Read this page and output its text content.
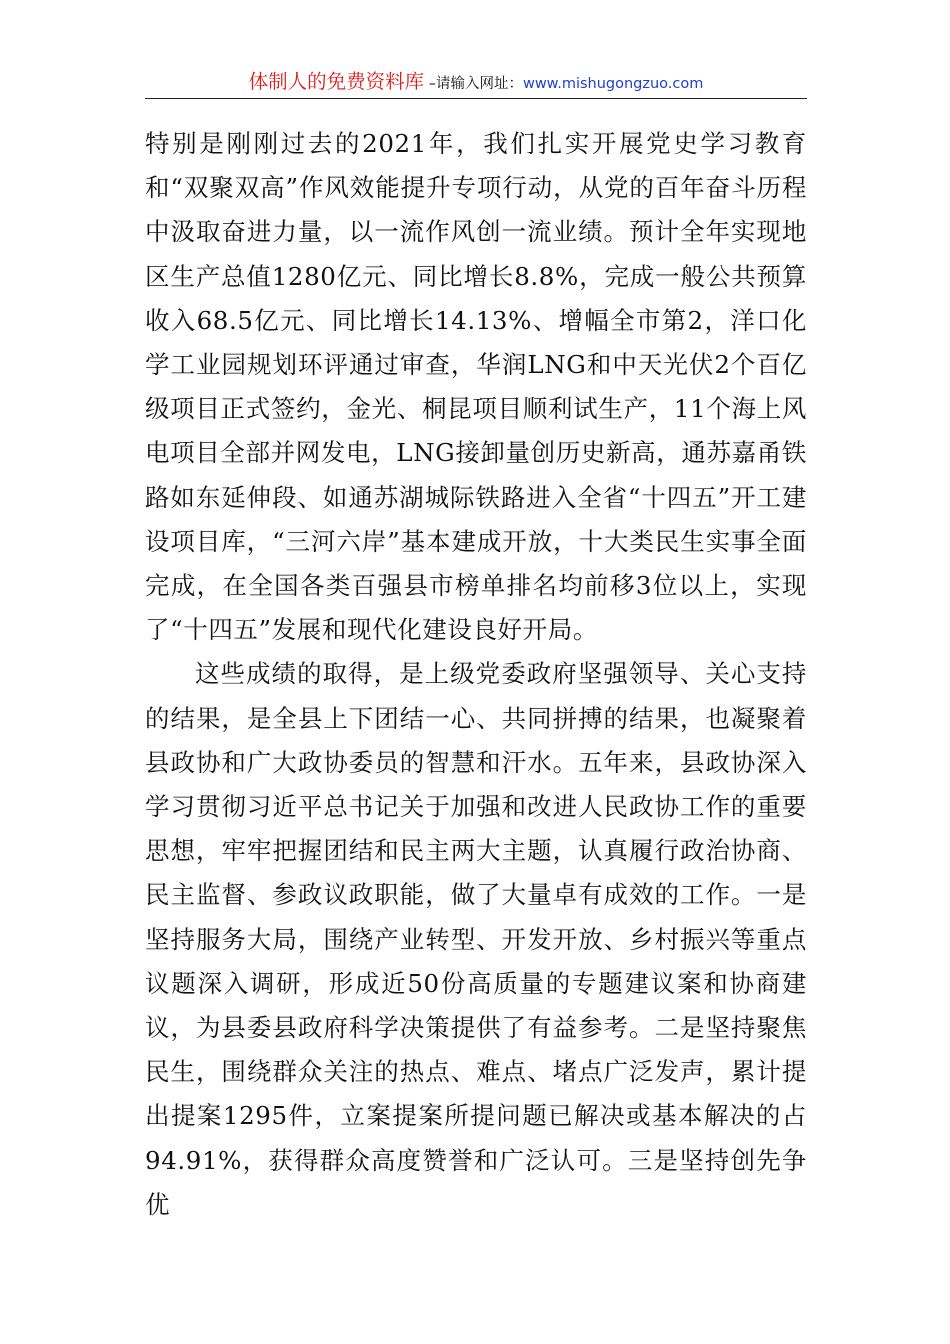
体制人的免费资料库 –请输入网址：www.mishugongzuo.com

特别是刚刚过去的2021年，我们扎实开展党史学习教育和“双聚双高”作风效能提升专项行动，从党的百年奋斗历程中汲取奋进力量，以一流作风创一流业绩。预计全年实现地区生产总值1280亿元、同比增长8.8%，完成一般公共预算收入68.5亿元、同比增长14.13%、增幅全市第2，洋口化学工业园规划环评通过审查，华润LNG和中天光伏2个百亿级项目正式签约，金光、桐昆项目顺利试生产，11个海上风电项目全部并网发电，LNG接卸量创历史新高，通苏嘉甬铁路如东延伸段、如通苏湖城际铁路进入全省“十四五”开工建设项目库，“三河六岸”基本建成开放，十大类民生实事全面完成，在全国各类百强县市榜单排名均前移3位以上，实现了“十四五”发展和现代化建设良好开局。

这些成绩的取得，是上级党委政府坚强领导、关心支持的结果，是全县上下团结一心、共同拼搏的结果，也凝聚着县政协和广大政协委员的智慧和汗水。五年来，县政协深入学习贯彻习近平总书记关于加强和改进人民政协工作的重要思想，牢牢把握团结和民主两大主题，认真履行政治协商、民主监督、参政议政职能，做了大量卓有成效的工作。一是坚持服务大局，围绕产业转型、开发开放、乡村振兴等重点议题深入调研，形成近50份高质量的专题建议案和协商建议，为县委县政府科学决策提供了有益参考。二是坚持聚焦民生，围绕群众关注的热点、难点、堵点广泛发声，累计提出提案1295件，立案提案所提问题已解决或基本解决的占94.91%，获得群众高度赞誉和广泛认可。三是坚持创先争优
